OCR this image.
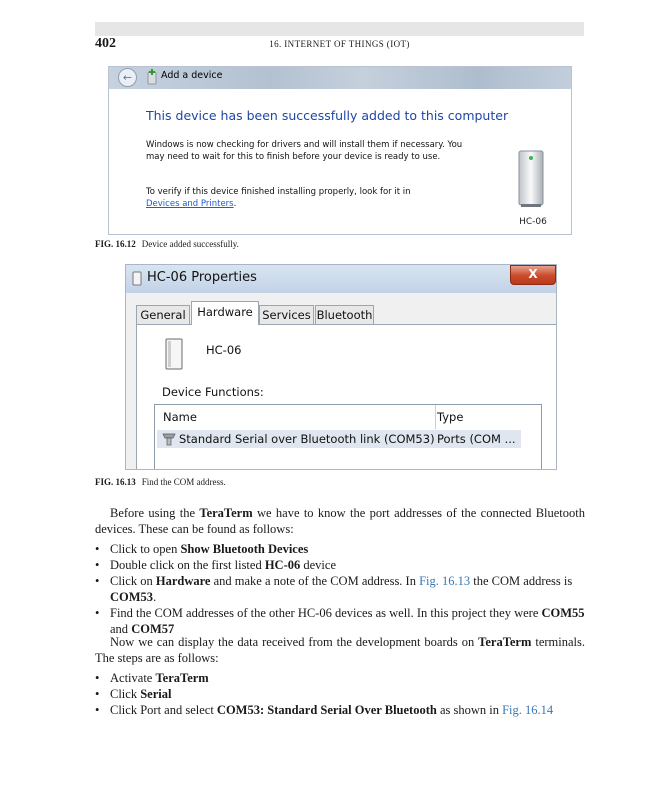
402	16. INTERNET OF THINGS (IOT)
←	Add a device
This device has been successfully added to this computer
Windows is now checking for drivers and will install them if necessary. You may need to wait for this to finish before your device is ready to use.
To verify if this device finished installing properly, look for it in
Devices and Printers.
HC-06
FIG. 16.12 Device added successfully.
HC-06 Properties	X
General	Hardware Services Bluetooth
HC-06
Device Functions:
Name	Type
Standard Serial over Bluetooth link (COM53) Ports (COM ...
FIG. 16.13 Find the COM address.

Before using the TeraTerm we have to know the port addresses of the connected Bluetooth devices. These can be found as follows:

• Click to open Show Bluetooth Devices
• Double click on the first listed HC-06 device
• Click on Hardware and make a note of the COM address. In Fig. 16.13 the COM address is COM53.
• Find the COM addresses of the other HC-06 devices as well. In this project they were COM55 and COM57

Now we can display the data received from the development boards on TeraTerm terminals. The steps are as follows:

• Activate TeraTerm
• Click Serial
• Click Port and select COM53: Standard Serial Over Bluetooth as shown in Fig. 16.14
